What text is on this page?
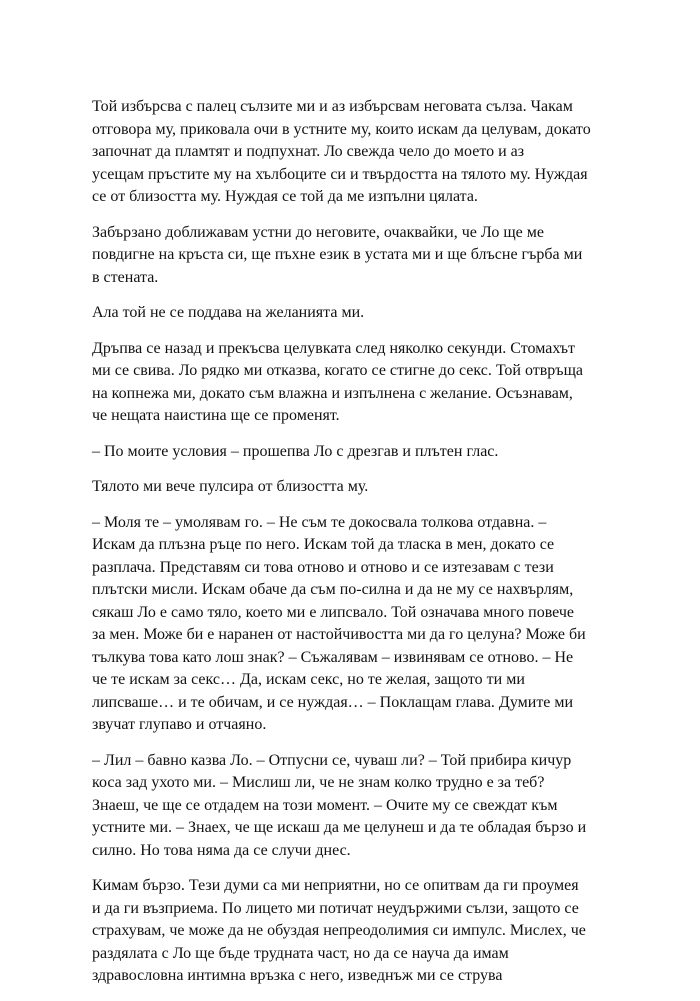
Той избърсва с палец сълзите ми и аз избърсвам неговата сълза. Чакам
отговора му, приковала очи в устните му, които искам да целувам, докато
започнат да пламтят и подпухнат. Ло свежда чело до моето и аз
усещам пръстите му на хълбоците си и твърдостта на тялото му. Нуждая
се от близостта му. Нуждая се той да ме изпълни цялата.

Забързано доближавам устни до неговите, очаквайки, че Ло ще ме
повдигне на кръста си, ще пъхне език в устата ми и ще блъсне гърба ми
в стената.

Ала той не се поддава на желанията ми.

Дръпва се назад и прекъсва целувката след няколко секунди. Стомахът
ми се свива. Ло рядко ми отказва, когато се стигне до секс. Той отвръща
на копнежа ми, докато съм влажна и изпълнена с желание. Осъзнавам,
че нещата наистина ще се променят.

– По моите условия – прошепва Ло с дрезгав и плътен глас.

Тялото ми вече пулсира от близостта му.

– Моля те – умолявам го. – Не съм те докосвала толкова отдавна. –
Искам да плъзна ръце по него. Искам той да тласка в мен, докато се
разплача. Представям си това отново и отново и се изтезавам с тези
плътски мисли. Искам обаче да съм по-силна и да не му се нахвърлям,
сякаш Ло е само тяло, което ми е липсвало. Той означава много повече
за мен. Може би е наранен от настойчивостта ми да го целуна? Може би
тълкува това като лош знак? – Съжалявам – извинявам се отново. – Не
че те искам за секс… Да, искам секс, но те желая, защото ти ми
липсваше… и те обичам, и се нуждая… – Поклащам глава. Думите ми
звучат глупаво и отчаяно.

– Лил – бавно казва Ло. – Отпусни се, чуваш ли? – Той прибира кичур
коса зад ухото ми. – Мислиш ли, че не знам колко трудно е за теб?
Знаеш, че ще се отдадем на този момент. – Очите му се свеждат към
устните ми. – Знаех, че ще искаш да ме целунеш и да те обладая бързо и
силно. Но това няма да се случи днес.

Кимам бързо. Тези думи са ми неприятни, но се опитвам да ги проумея
и да ги възприема. По лицето ми потичат неудържими сълзи, защото се
страхувам, че може да не обуздая непреодолимия си импулс. Мислех, че
раздялата с Ло ще бъде трудната част, но да се науча да имам
здравословна интимна връзка с него, изведнъж ми се струва
